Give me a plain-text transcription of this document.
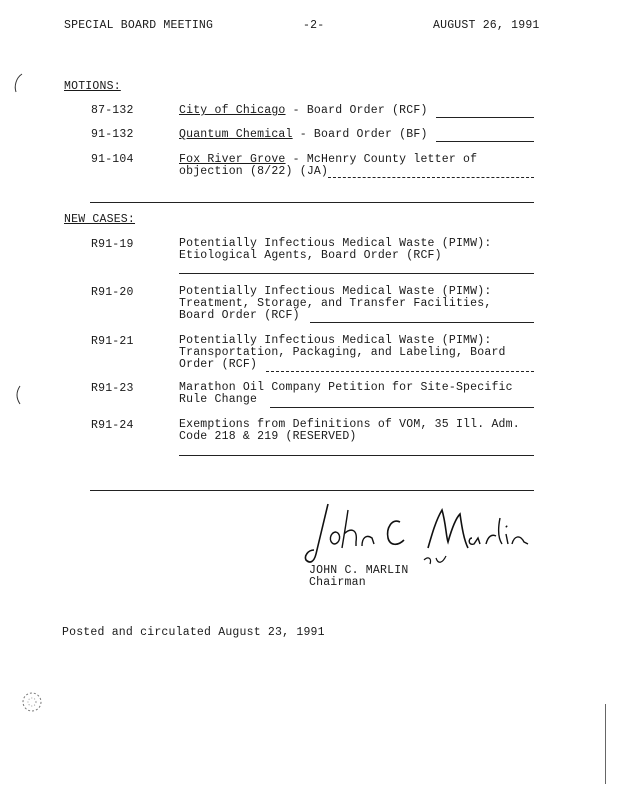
SPECIAL BOARD MEETING	-2-	AUGUST 26, 1991
MOTIONS:
87-132	City of Chicago - Board Order (RCF)
91-132	Quantum Chemical - Board Order (BF)
91-104	Fox River Grove - McHenry County letter of
objection (8/22) (JA)
NEW CASES:
R91-19	Potentially Infectious Medical Waste (PIMW):
Etiological Agents, Board Order (RCF)
R91-20	Potentially Infectious Medical Waste (PIMW):
Treatment, Storage, and Transfer Facilities,
Board Order (RCF)
R91-21	Potentially Infectious Medical Waste (PIMW):
Transportation, Packaging, and Labeling, Board
Order (RCF)
R91-23	Marathon Oil Company Petition for Site-Specific
Rule Change
R91-24	Exemptions from Definitions of VOM, 35 Ill. Adm.
Code 218 & 219 (RESERVED)
JOHN C. MARLIN
Chairman
Posted and circulated August 23, 1991
